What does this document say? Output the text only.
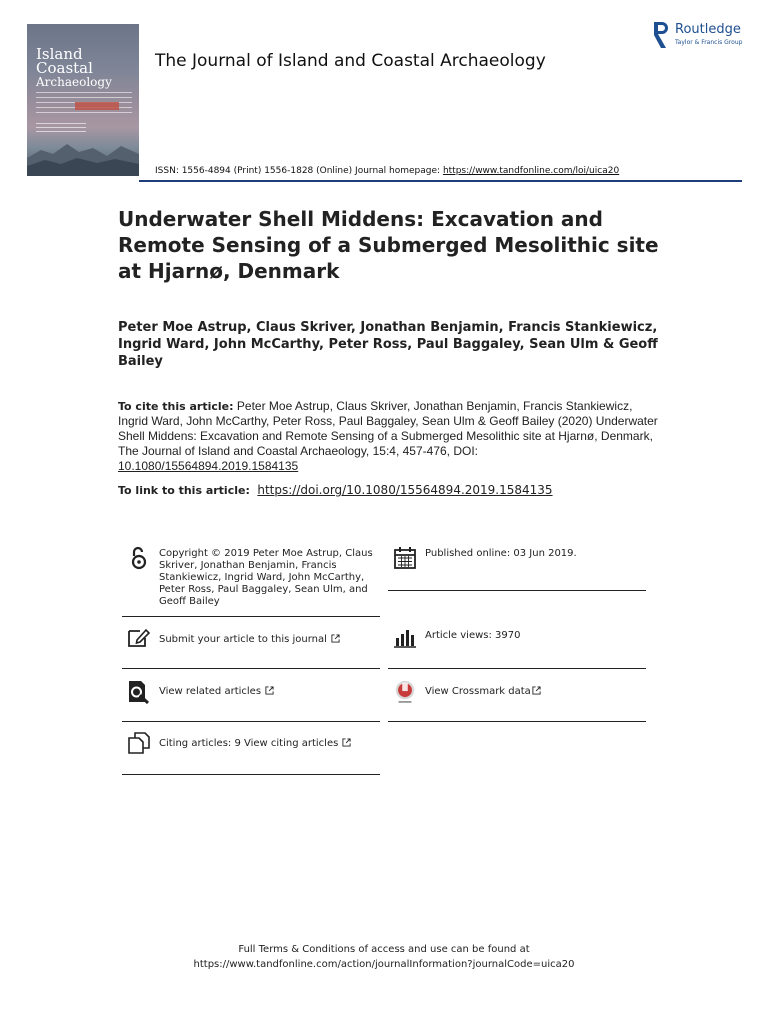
Island
Coastal
Archaeology
The Journal of Island and Coastal Archaeology
Routledge
Taylor & Francis Group
ISSN: 1556-4894 (Print) 1556-1828 (Online) Journal homepage: https://www.tandfonline.com/loi/uica20
Underwater Shell Middens: Excavation and Remote Sensing of a Submerged Mesolithic site at Hjarnø, Denmark
Peter Moe Astrup, Claus Skriver, Jonathan Benjamin, Francis Stankiewicz, Ingrid Ward, John McCarthy, Peter Ross, Paul Baggaley, Sean Ulm & Geoff Bailey
To cite this article: Peter Moe Astrup, Claus Skriver, Jonathan Benjamin, Francis Stankiewicz, Ingrid Ward, John McCarthy, Peter Ross, Paul Baggaley, Sean Ulm & Geoff Bailey (2020) Underwater Shell Middens: Excavation and Remote Sensing of a Submerged Mesolithic site at Hjarnø, Denmark, The Journal of Island and Coastal Archaeology, 15:4, 457-476, DOI: 10.1080/15564894.2019.1584135
To link to this article: https://doi.org/10.1080/15564894.2019.1584135
Copyright © 2019 Peter Moe Astrup, Claus Skriver, Jonathan Benjamin, Francis Stankiewicz, Ingrid Ward, John McCarthy, Peter Ross, Paul Baggaley, Sean Ulm, and Geoff Bailey
Published online: 03 Jun 2019.
Submit your article to this journal	Article views: 3970
View related articles	View Crossmark data
Citing articles: 9 View citing articles
Full Terms & Conditions of access and use can be found at
https://www.tandfonline.com/action/journalInformation?journalCode=uica20
